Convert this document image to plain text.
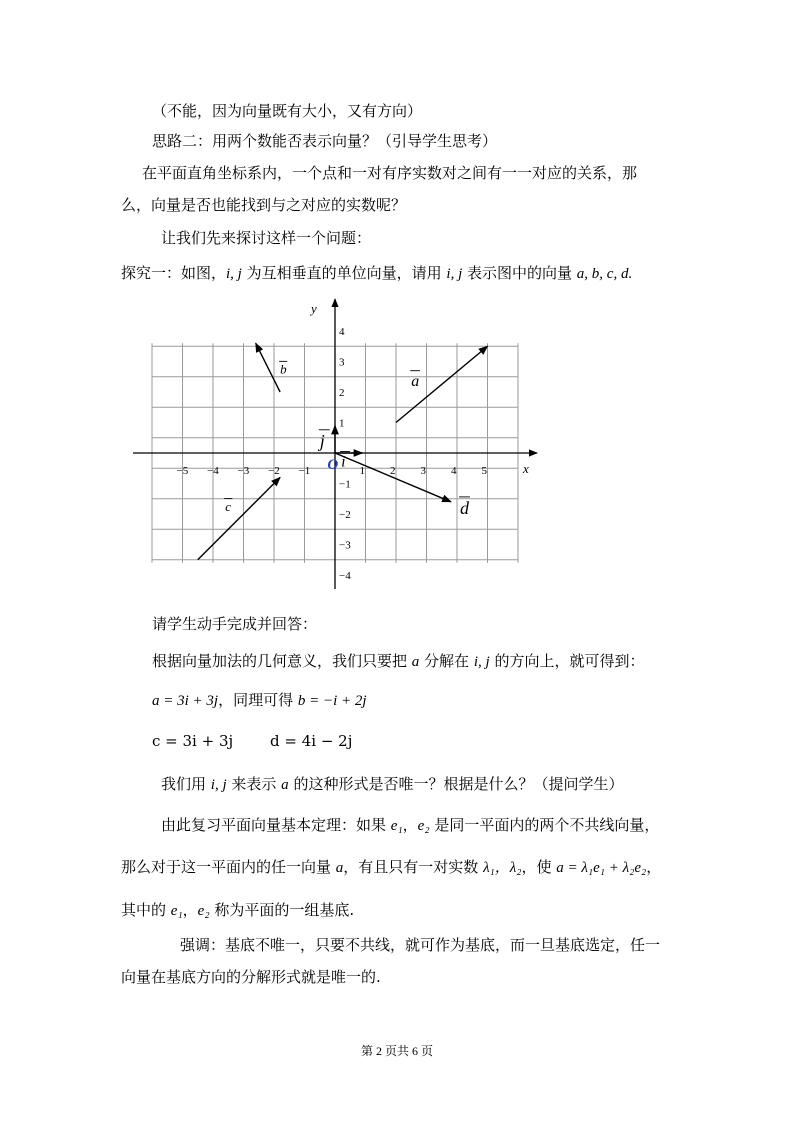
（不能，因为向量既有大小，又有方向）
思路二：用两个数能否表示向量？（引导学生思考）
在平面直角坐标系内，一个点和一对有序实数对之间有一一对应的关系，那
么，向量是否也能找到与之对应的实数呢？
让我们先来探讨这样一个问题：
探究一：如图，i, j 为互相垂直的单位向量，请用 i, j 表示图中的向量 a, b, c, d.
x
y
O
−5 −4 −3 −2 −1	1 2 3 4 5
4
3
2
1
−1
−2
−3
−4
a
b
c	d
i
j
请学生动手完成并回答：
根据向量加法的几何意义，我们只要把 a 分解在 i, j 的方向上，就可得到：
a = 3i + 3j，同理可得 b = −i + 2j
c = 3i + 3j d = 4i − 2j
我们用 i, j 来表示 a 的这种形式是否唯一？根据是什么？（提问学生）
由此复习平面向量基本定理：如果 e₁，e₂ 是同一平面内的两个不共线向量，
那么对于这一平面内的任一向量 a，有且只有一对实数 λ₁，λ₂，使 a = λ₁e₁ + λ₂e₂，
其中的 e₁，e₂ 称为平面的一组基底.
强调：基底不唯一，只要不共线，就可作为基底，而一旦基底选定，任一
向量在基底方向的分解形式就是唯一的.
第 2 页共 6 页
